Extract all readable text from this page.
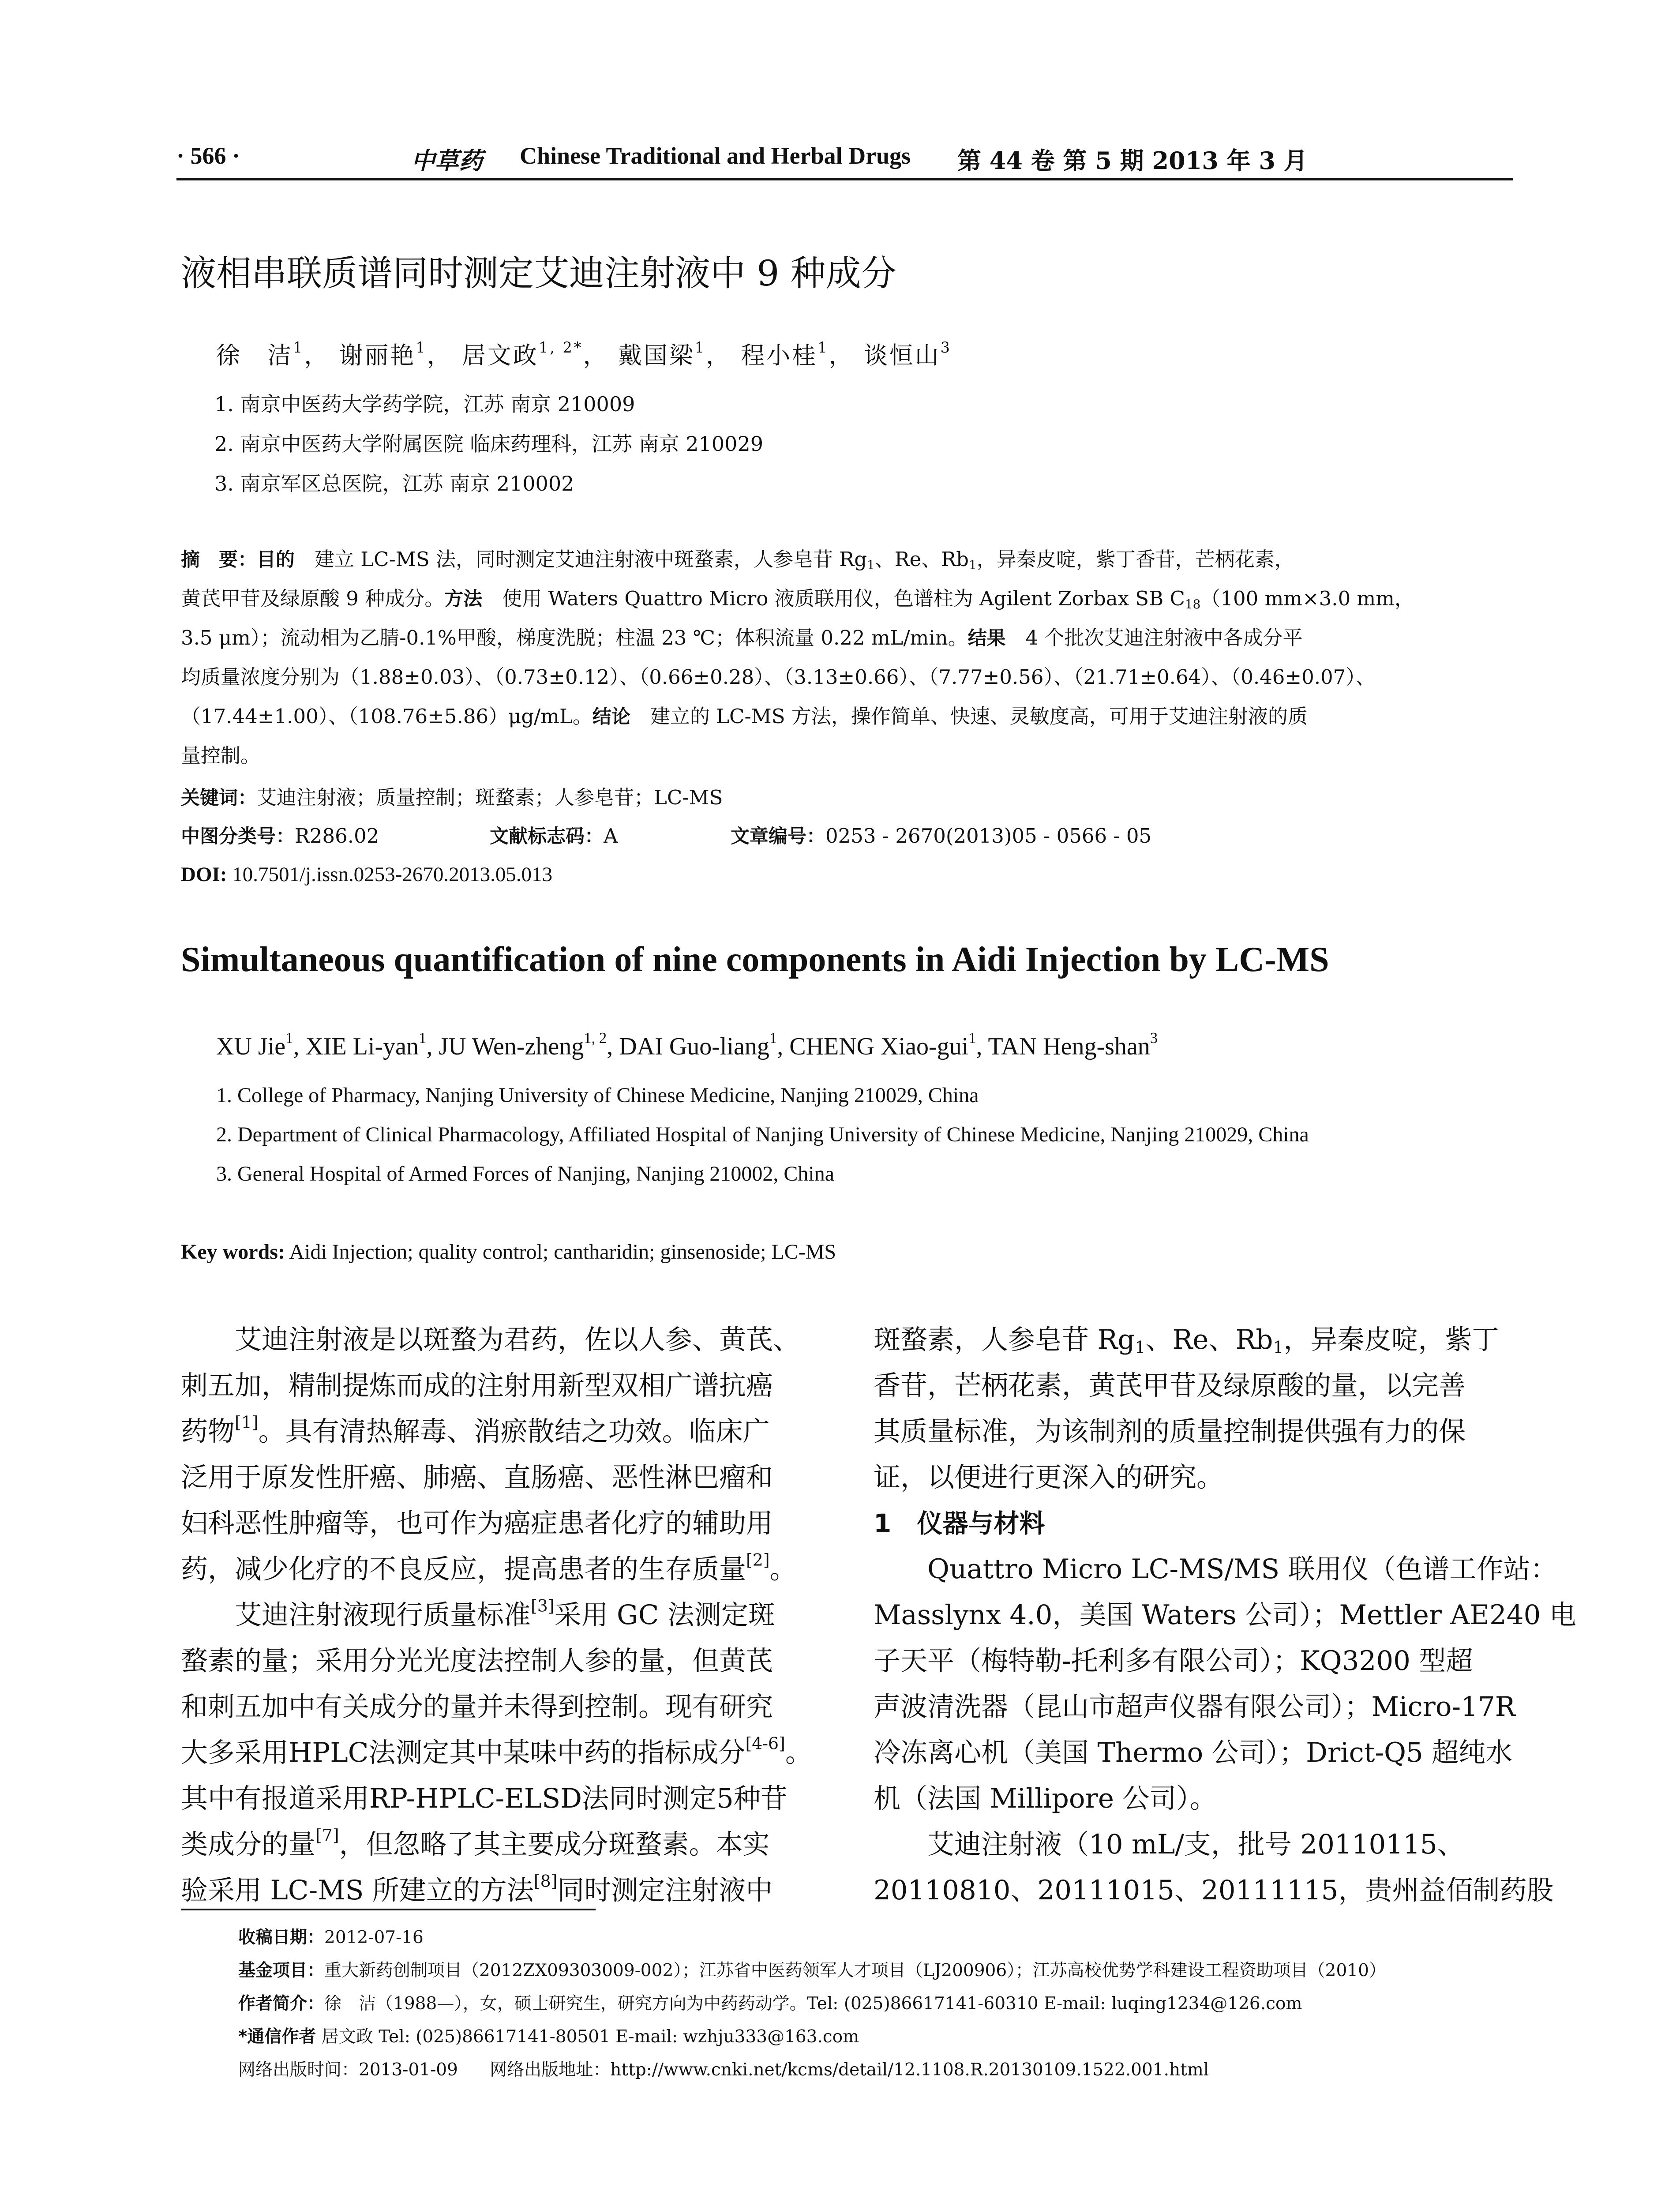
· 566 ·	中草药 Chinese Traditional and Herbal Drugs 第 44 卷 第 5 期 2013 年 3 月
液相串联质谱同时测定艾迪注射液中 9 种成分
徐　洁$^1$， 谢丽艳$^1$， 居文政$^{1, 2*}$， 戴国梁$^1$， 程小桂$^1$， 谈恒山$^3$
1. 南京中医药大学药学院，江苏 南京 210009
2. 南京中医药大学附属医院 临床药理科，江苏 南京 210029
3. 南京军区总医院，江苏 南京 210002
摘　要：目的　建立 LC-MS 法，同时测定艾迪注射液中斑蝥素，人参皂苷 $Rg_1$、Re、$Rb_1$，异秦皮啶，紫丁香苷，芒柄花素，
黄芪甲苷及绿原酸 9 种成分。方法　使用 Waters Quattro Micro 液质联用仪，色谱柱为 Agilent Zorbax SB $C_{18}(100$ mm×3.0 mm，
3.5 μm）；流动相为乙腈-0.1%甲酸，梯度洗脱；柱温 23 ℃；体积流量 0.22 mL/min。结果　4 个批次艾迪注射液中各成分平
均质量浓度分别为（1.88±0.03）、（0.73±0.12）、（0.66±0.28）、（3.13±0.66）、（7.77±0.56）、（21.71±0.64）、（0.46±0.07）、
（17.44±1.00）、（108.76±5.86）μg/mL。结论　建立的 LC-MS 方法，操作简单、快速、灵敏度高，可用于艾迪注射液的质
量控制。
关键词：艾迪注射液；质量控制；斑蝥素；人参皂苷；LC-MS
中图分类号：R286.02	文献标志码：A	文章编号：0253 - 2670(2013)05 - 0566 - 05
DOI: 10.7501/j.issn.0253-2670.2013.05.013
Simultaneous quantification of nine components in Aidi Injection by LC-MS
XU Jie$^1$, XIE Li-yan$^1$, JU Wen-zheng$^{1, 2}$, DAI Guo-liang$^1$, CHENG Xiao-gui$^1$, TAN Heng-shan$^3$
1. College of Pharmacy, Nanjing University of Chinese Medicine, Nanjing 210029, China
2. Department of Clinical Pharmacology, Affiliated Hospital of Nanjing University of Chinese Medicine, Nanjing 210029, China
3. General Hospital of Armed Forces of Nanjing, Nanjing 210002, China
Key words: Aidi Injection; quality control; cantharidin; ginsenoside; LC-MS

艾迪注射液是以斑蝥为君药，佐以人参、黄芪、

刺五加，精制提炼而成的注射用新型双相广谱抗癌

药物[1]。具有清热解毒、消瘀散结之功效。临床广

泛用于原发性肝癌、肺癌、直肠癌、恶性淋巴瘤和

妇科恶性肿瘤等，也可作为癌症患者化疗的辅助用

药，减少化疗的不良反应，提高患者的生存质量[2]。

艾迪注射液现行质量标准[3]采用 GC 法测定斑

蝥素的量；采用分光光度法控制人参的量，但黄芪

和刺五加中有关成分的量并未得到控制。现有研究

大多采用HPLC法测定其中某味中药的指标成分[4-6]。

其中有报道采用RP-HPLC-ELSD法同时测定5种苷

类成分的量[7]，但忽略了其主要成分斑蝥素。本实

验采用 LC-MS 所建立的方法[8]同时测定注射液中

斑蝥素，人参皂苷 $Rg_1$、Re、$Rb_1$，异秦皮啶，紫丁

香苷，芒柄花素，黄芪甲苷及绿原酸的量，以完善

其质量标准，为该制剂的质量控制提供强有力的保

证，以便进行更深入的研究。

1　仪器与材料

Quattro Micro LC-MS/MS 联用仪（色谱工作站：

Masslynx 4.0，美国 Waters 公司）；Mettler AE240 电

子天平（梅特勒-托利多有限公司）；KQ3200 型超

声波清洗器（昆山市超声仪器有限公司）；Micro-17R

冷冻离心机（美国 Thermo 公司）；Drict-Q5 超纯水

机（法国 Millipore 公司）。

艾迪注射液（10 mL/支，批号 20110115、

20110810、20111015、20111115，贵州益佰制药股

收稿日期：2012-07-16
基金项目：重大新药创制项目（2012ZX09303009-002）；江苏省中医药领军人才项目（LJ200906）；江苏高校优势学科建设工程资助项目（2010）
作者简介：徐　洁（1988—），女，硕士研究生，研究方向为中药药动学。Tel: (025)86617141-60310 E-mail: luqing1234@126.com
*通信作者 居文政 Tel: (025)86617141-80501 E-mail: wzhju333@163.com
网络出版时间：2013-01-09 网络出版地址：http://www.cnki.net/kcms/detail/12.1108.R.20130109.1522.001.html
